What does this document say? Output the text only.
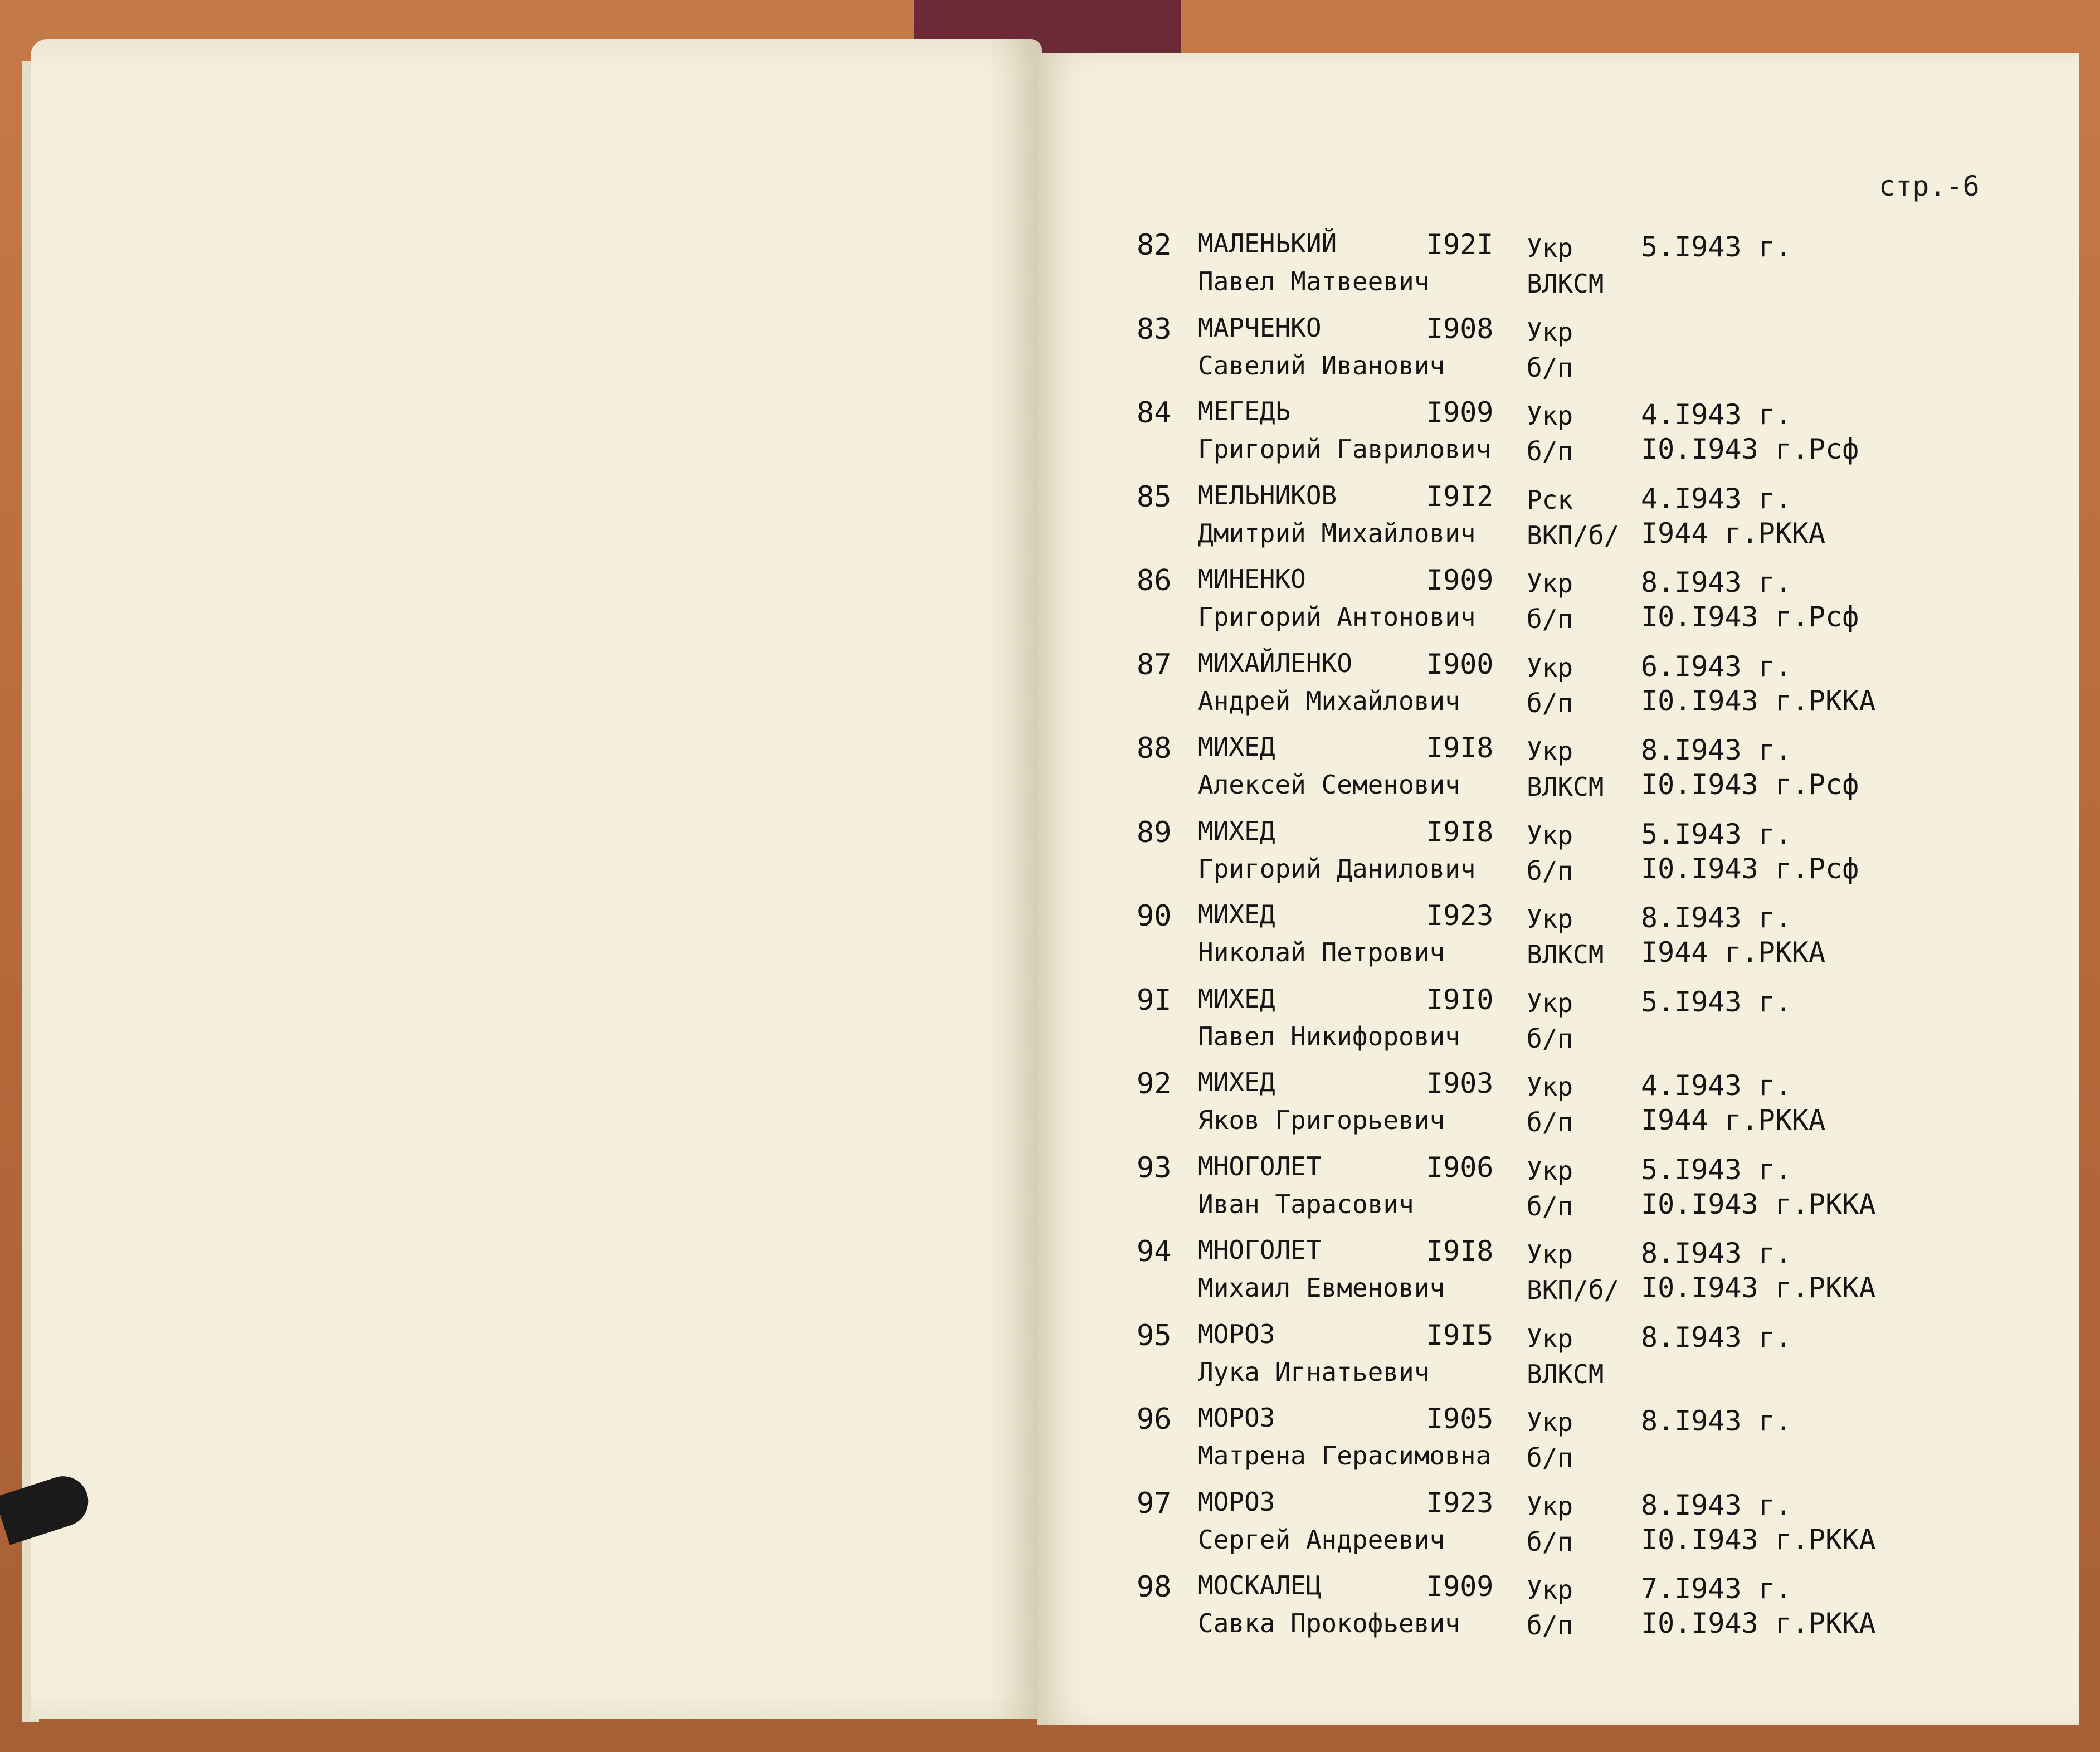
стр.-6
82 МАЛЕНЬКИЙ	I92I Укр 5.I943 г.
Павел Матвеевич	ВЛКСМ
83 МАРЧЕНКО	I908 Укр
Савелий Иванович	б/п
84 МЕГЕДЬ	I909 Укр 4.I943 г.
Григорий Гаврилович б/п I0.I943 г.Рсф
85 МЕЛЬНИКОВ	I9I2 Рск 4.I943 г.
Дмитрий Михайлович ВКП/б/ I944 г.РККА
86 МИНЕНКО	I909 Укр 8.I943 г.
Григорий Антонович б/п I0.I943 г.Рсф
87 МИХАЙЛЕНКО	I900 Укр 6.I943 г.
Андрей Михайлович	б/п I0.I943 г.РККА
88 МИХЕД	I9I8 Укр 8.I943 г.
Алексей Семенович	ВЛКСМ I0.I943 г.Рсф
89 МИХЕД	I9I8 Укр 5.I943 г.
Григорий Данилович б/п I0.I943 г.Рсф
90 МИХЕД	I923 Укр 8.I943 г.
Николай Петрович	ВЛКСМ I944 г.РККА
9I МИХЕД	I9I0 Укр 5.I943 г.
Павел Никифорович	б/п
92 МИХЕД	I903 Укр 4.I943 г.
Яков Григорьевич	б/п I944 г.РККА
93 МНОГОЛЕТ	I906 Укр 5.I943 г.
Иван Тарасович	б/п I0.I943 г.РККА
94 МНОГОЛЕТ	I9I8 Укр 8.I943 г.
Михаил Евменович	ВКП/б/ I0.I943 г.РККА
95 МОРОЗ	I9I5 Укр 8.I943 г.
Лука Игнатьевич	ВЛКСМ
96 МОРОЗ	I905 Укр 8.I943 г.
Матрена Герасимовна б/п
97 МОРОЗ	I923 Укр 8.I943 г.
Сергей Андреевич	б/п I0.I943 г.РККА
98 МОСКАЛЕЦ	I909 Укр 7.I943 г.
Савка Прокофьевич	б/п I0.I943 г.РККА
